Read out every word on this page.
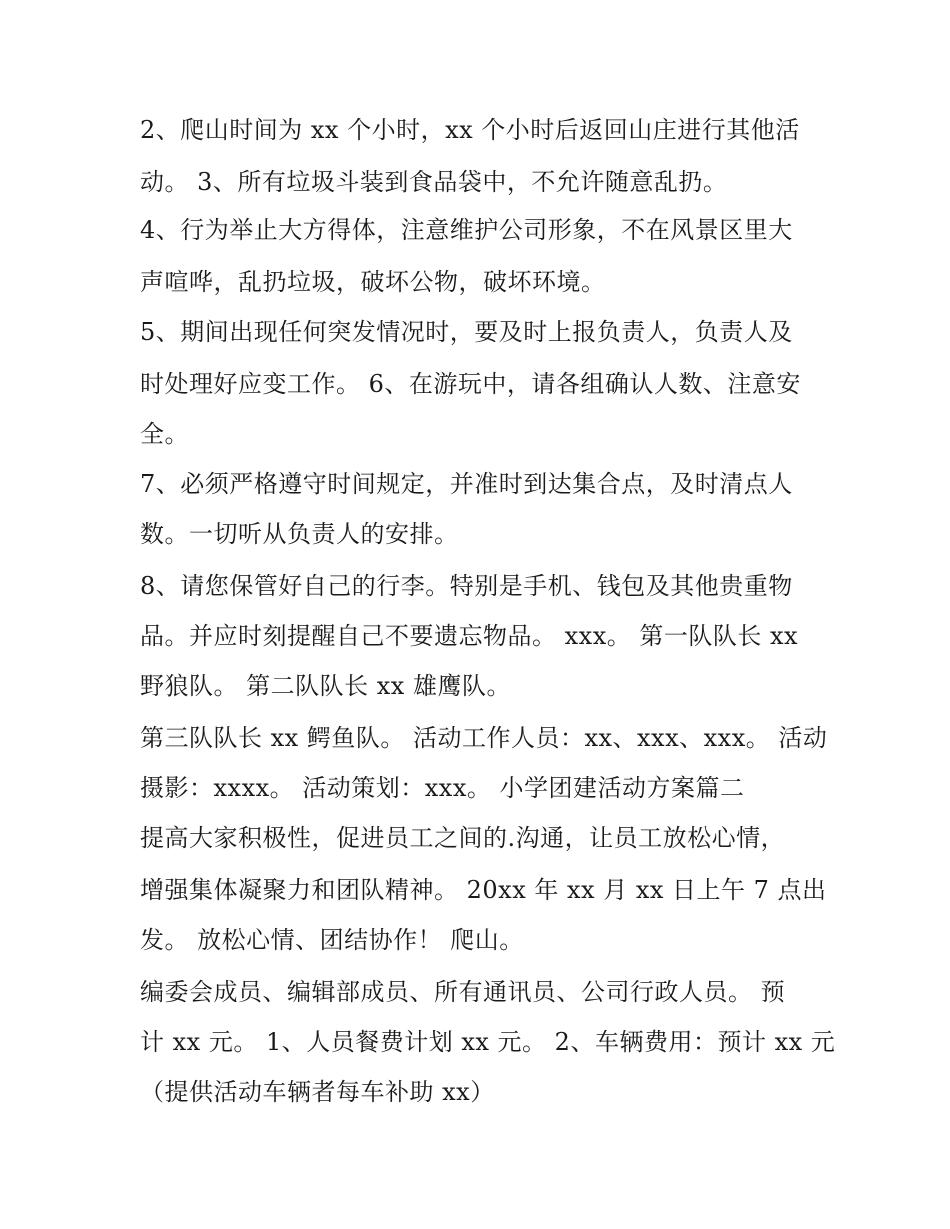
2、爬山时间为 xx 个小时，xx 个小时后返回山庄进行其他活
动。 3、所有垃圾斗装到食品袋中，不允许随意乱扔。
4、行为举止大方得体，注意维护公司形象，不在风景区里大
声喧哗，乱扔垃圾，破坏公物，破坏环境。
5、期间出现任何突发情况时，要及时上报负责人，负责人及
时处理好应变工作。 6、在游玩中，请各组确认人数、注意安
全。
7、必须严格遵守时间规定，并准时到达集合点，及时清点人
数。一切听从负责人的安排。
8、请您保管好自己的行李。特别是手机、钱包及其他贵重物
品。并应时刻提醒自己不要遗忘物品。 xxx。 第一队队长 xx
野狼队。 第二队队长 xx 雄鹰队。
第三队队长 xx 鳄鱼队。 活动工作人员：xx、xxx、xxx。 活动
摄影：xxxx。 活动策划：xxx。 小学团建活动方案篇二
提高大家积极性，促进员工之间的.沟通，让员工放松心情，
增强集体凝聚力和团队精神。 20xx 年 xx 月 xx 日上午 7 点出
发。 放松心情、团结协作！ 爬山。
编委会成员、编辑部成员、所有通讯员、公司行政人员。 预
计 xx 元。 1、人员餐费计划 xx 元。 2、车辆费用：预计 xx 元
（提供活动车辆者每车补助 xx）
